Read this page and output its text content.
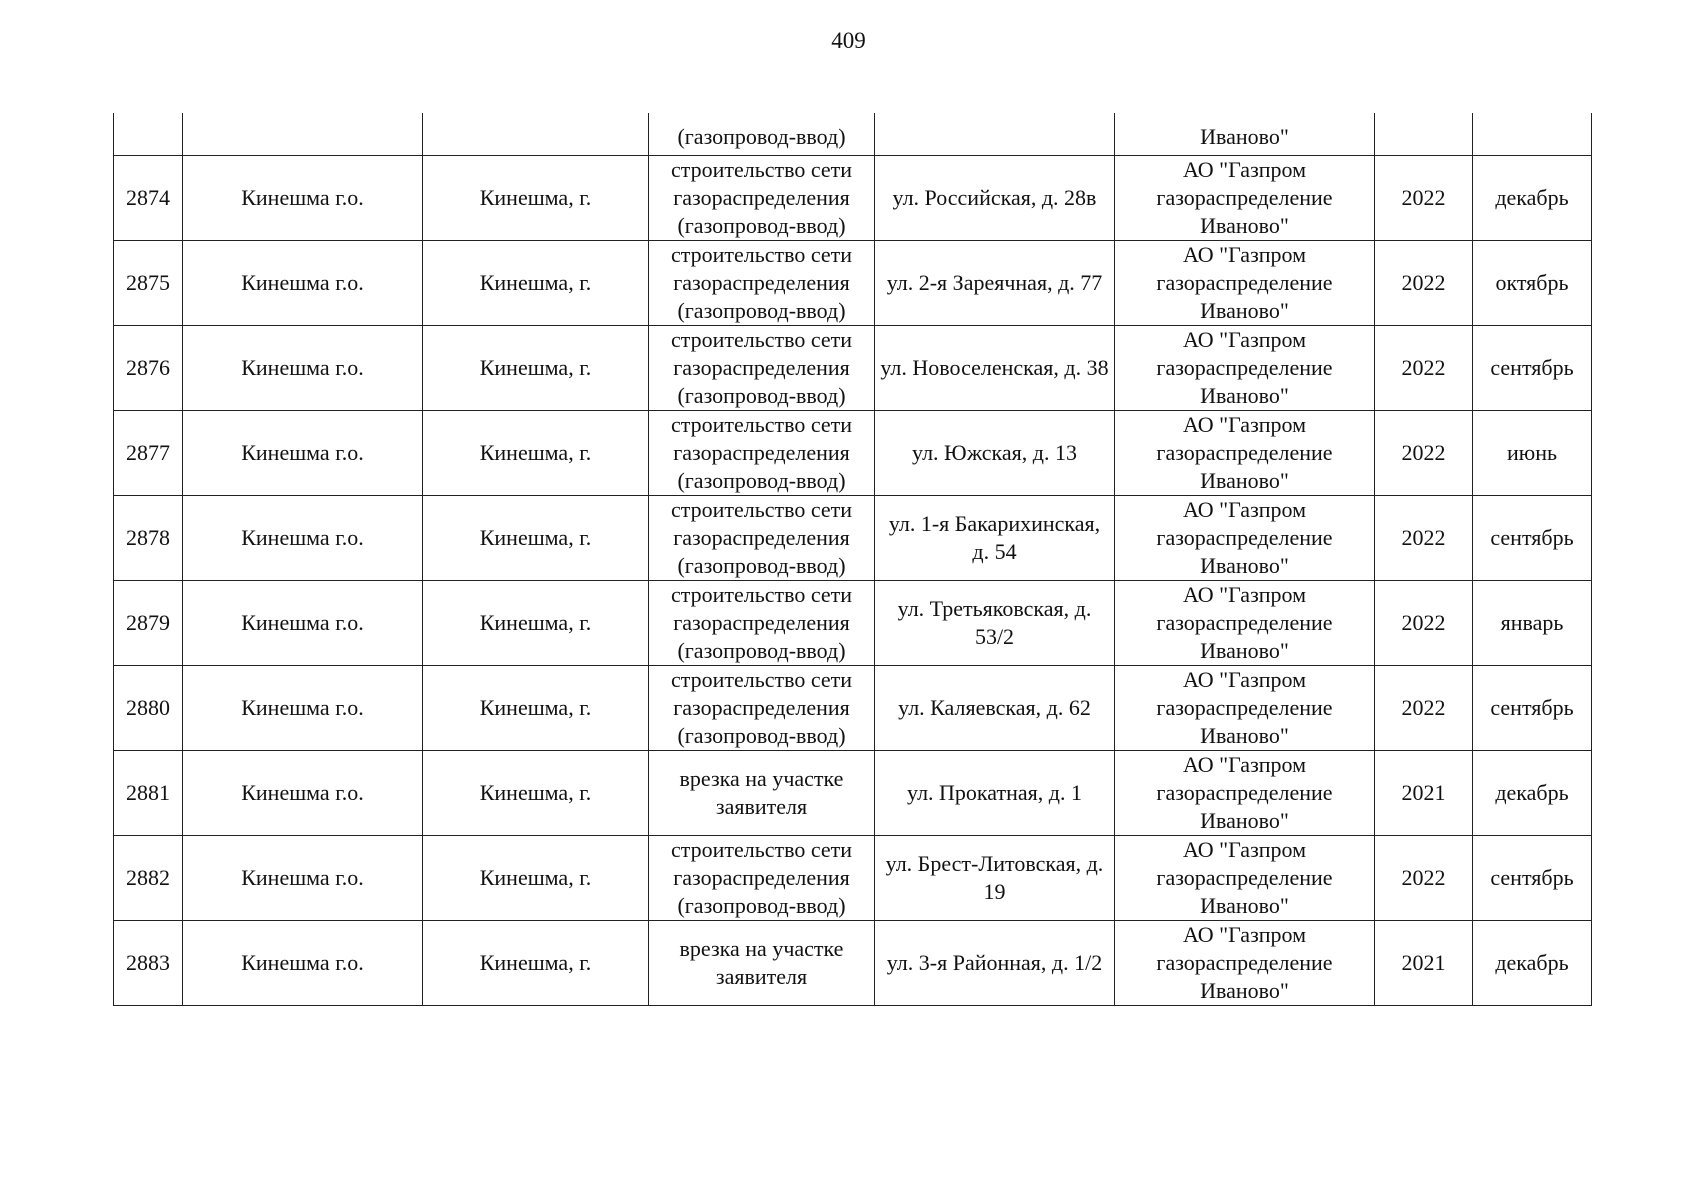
409
			(газопровод-ввод)		Иваново"		
2874	Кинешма г.о.	Кинешма, г.	строительство сети газораспределения (газопровод-ввод)	ул. Российская, д. 28в	АО "Газпром газораспределение Иваново"	2022	декабрь
2875	Кинешма г.о.	Кинешма, г.	строительство сети газораспределения (газопровод-ввод)	ул. 2-я Зареячная, д. 77	АО "Газпром газораспределение Иваново"	2022	октябрь
2876	Кинешма г.о.	Кинешма, г.	строительство сети газораспределения (газопровод-ввод)	ул. Новоселенская, д. 38	АО "Газпром газораспределение Иваново"	2022	сентябрь
2877	Кинешма г.о.	Кинешма, г.	строительство сети газораспределения (газопровод-ввод)	ул. Южская, д. 13	АО "Газпром газораспределение Иваново"	2022	июнь
2878	Кинешма г.о.	Кинешма, г.	строительство сети газораспределения (газопровод-ввод)	ул. 1-я Бакарихинская, д. 54	АО "Газпром газораспределение Иваново"	2022	сентябрь
2879	Кинешма г.о.	Кинешма, г.	строительство сети газораспределения (газопровод-ввод)	ул. Третьяковская, д. 53/2	АО "Газпром газораспределение Иваново"	2022	январь
2880	Кинешма г.о.	Кинешма, г.	строительство сети газораспределения (газопровод-ввод)	ул. Каляевская, д. 62	АО "Газпром газораспределение Иваново"	2022	сентябрь
2881	Кинешма г.о.	Кинешма, г.	врезка на участке заявителя	ул. Прокатная, д. 1	АО "Газпром газораспределение Иваново"	2021	декабрь
2882	Кинешма г.о.	Кинешма, г.	строительство сети газораспределения (газопровод-ввод)	ул. Брест-Литовская, д. 19	АО "Газпром газораспределение Иваново"	2022	сентябрь
2883	Кинешма г.о.	Кинешма, г.	врезка на участке заявителя	ул. 3-я Районная, д. 1/2	АО "Газпром газораспределение Иваново"	2021	декабрь
